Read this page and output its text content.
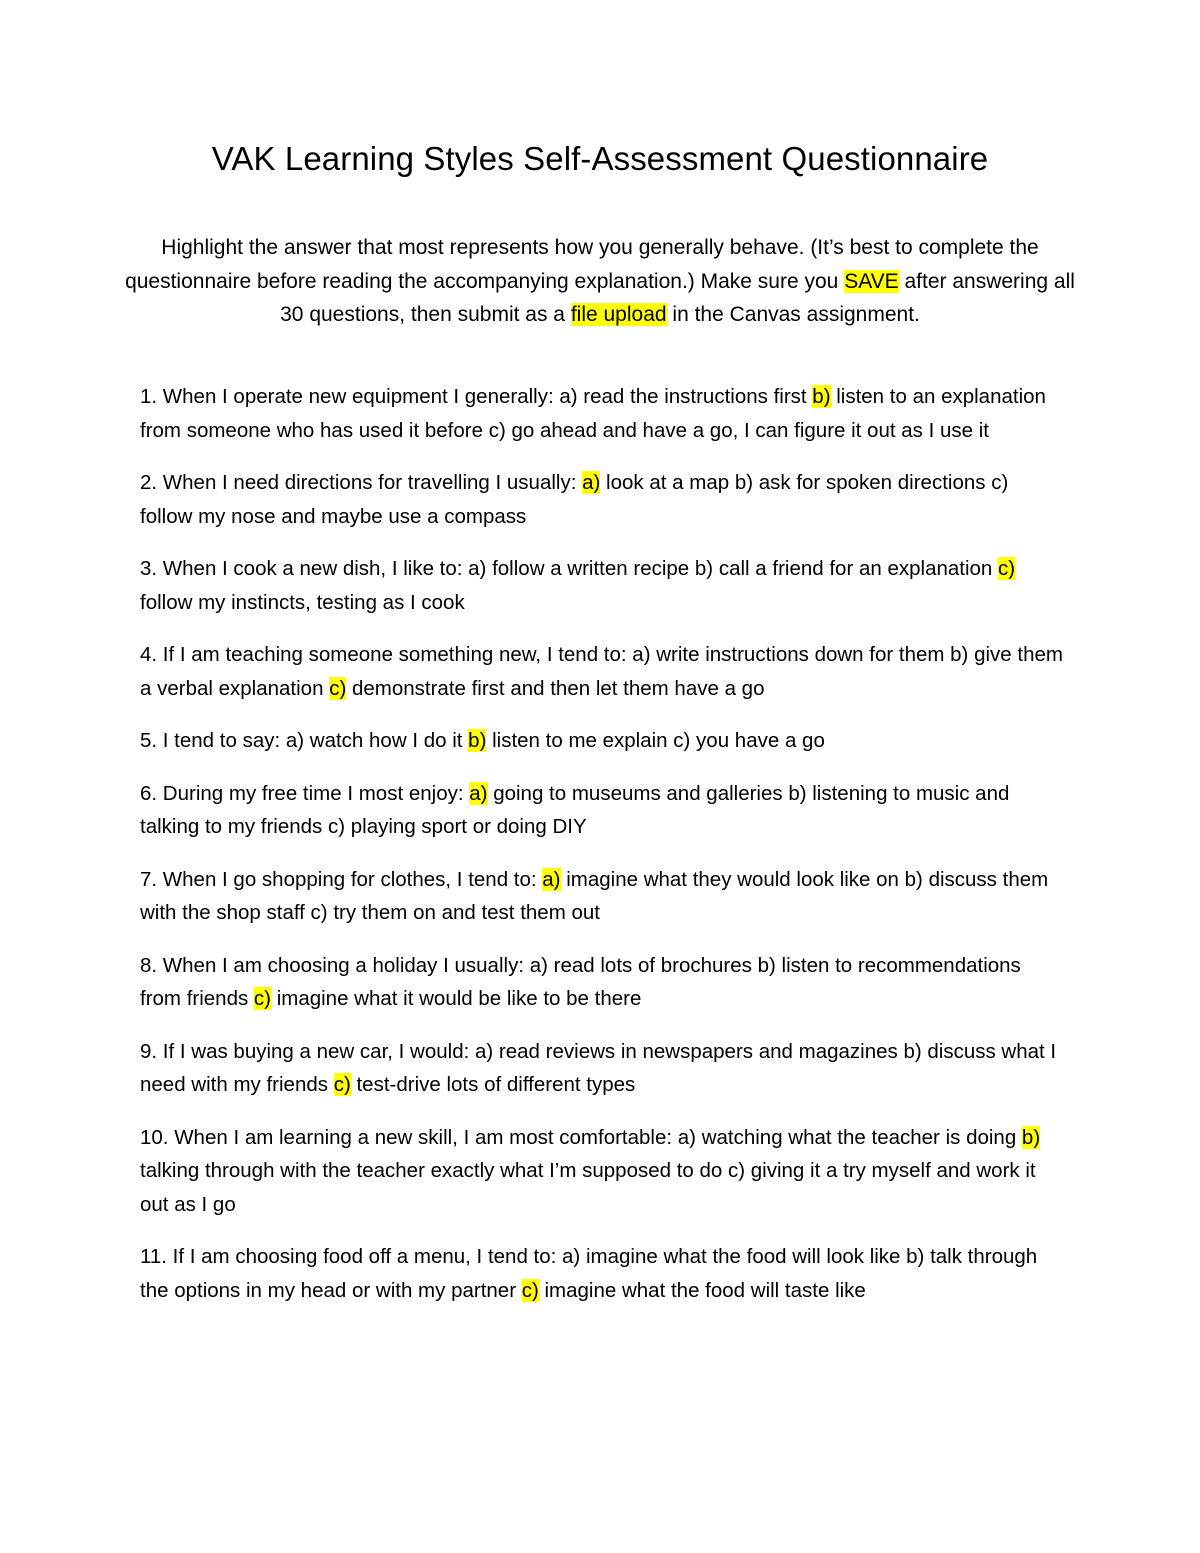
VAK Learning Styles Self-Assessment Questionnaire

Highlight the answer that most represents how you generally behave. (It’s best to complete the questionnaire before reading the accompanying explanation.) Make sure you SAVE after answering all 30 questions, then submit as a file upload in the Canvas assignment.

1. When I operate new equipment I generally: a) read the instructions first b) listen to an explanation from someone who has used it before c) go ahead and have a go, I can figure it out as I use it

2. When I need directions for travelling I usually: a) look at a map b) ask for spoken directions c) follow my nose and maybe use a compass

3. When I cook a new dish, I like to: a) follow a written recipe b) call a friend for an explanation c) follow my instincts, testing as I cook

4. If I am teaching someone something new, I tend to: a) write instructions down for them b) give them a verbal explanation c) demonstrate first and then let them have a go

5. I tend to say: a) watch how I do it b) listen to me explain c) you have a go

6. During my free time I most enjoy: a) going to museums and galleries b) listening to music and talking to my friends c) playing sport or doing DIY

7. When I go shopping for clothes, I tend to: a) imagine what they would look like on b) discuss them with the shop staff c) try them on and test them out

8. When I am choosing a holiday I usually: a) read lots of brochures b) listen to recommendations from friends c) imagine what it would be like to be there

9. If I was buying a new car, I would: a) read reviews in newspapers and magazines b) discuss what I need with my friends c) test-drive lots of different types

10. When I am learning a new skill, I am most comfortable: a) watching what the teacher is doing b) talking through with the teacher exactly what I’m supposed to do c) giving it a try myself and work it out as I go

11. If I am choosing food off a menu, I tend to: a) imagine what the food will look like b) talk through the options in my head or with my partner c) imagine what the food will taste like
